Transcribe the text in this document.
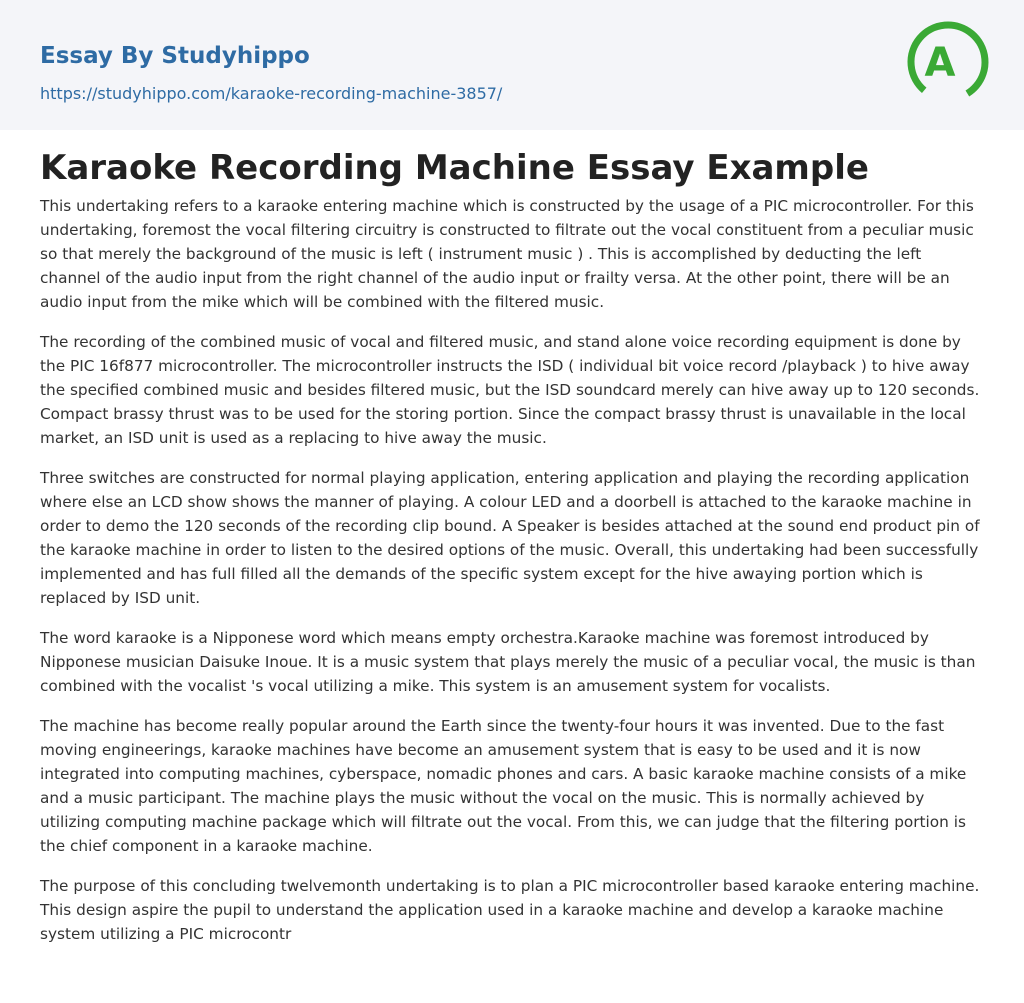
Essay By Studyhippo
https://studyhippo.com/karaoke-recording-machine-3857/
A
Karaoke Recording Machine Essay Example

This undertaking refers to a karaoke entering machine which is constructed by the usage of a PIC microcontroller. For this undertaking, foremost the vocal filtering circuitry is constructed to filtrate out the vocal constituent from a peculiar music so that merely the background of the music is left ( instrument music ) . This is accomplished by deducting the left channel of the audio input from the right channel of the audio input or frailty versa. At the other point, there will be an audio input from the mike which will be combined with the filtered music.

The recording of the combined music of vocal and filtered music, and stand alone voice recording equipment is done by the PIC 16f877 microcontroller. The microcontroller instructs the ISD ( individual bit voice record /playback ) to hive away the specified combined music and besides filtered music, but the ISD soundcard merely can hive away up to 120 seconds. Compact brassy thrust was to be used for the storing portion. Since the compact brassy thrust is unavailable in the local market, an ISD unit is used as a replacing to hive away the music.

Three switches are constructed for normal playing application, entering application and playing the recording application where else an LCD show shows the manner of playing. A colour LED and a doorbell is attached to the karaoke machine in order to demo the 120 seconds of the recording clip bound. A Speaker is besides attached at the sound end product pin of the karaoke machine in order to listen to the desired options of the music. Overall, this undertaking had been successfully implemented and has full filled all the demands of the specific system except for the hive awaying portion which is replaced by ISD unit.

The word karaoke is a Nipponese word which means empty orchestra.Karaoke machine was foremost introduced by Nipponese musician Daisuke Inoue. It is a music system that plays merely the music of a peculiar vocal, the music is than combined with the vocalist 's vocal utilizing a mike. This system is an amusement system for vocalists.

The machine has become really popular around the Earth since the twenty-four hours it was invented. Due to the fast moving engineerings, karaoke machines have become an amusement system that is easy to be used and it is now integrated into computing machines, cyberspace, nomadic phones and cars. A basic karaoke machine consists of a mike and a music participant. The machine plays the music without the vocal on the music. This is normally achieved by utilizing computing machine package which will filtrate out the vocal. From this, we can judge that the filtering portion is the chief component in a karaoke machine.

The purpose of this concluding twelvemonth undertaking is to plan a PIC microcontroller based karaoke entering machine. This design aspire the pupil to understand the application used in a karaoke machine and develop a karaoke machine system utilizing a PIC microcontr
